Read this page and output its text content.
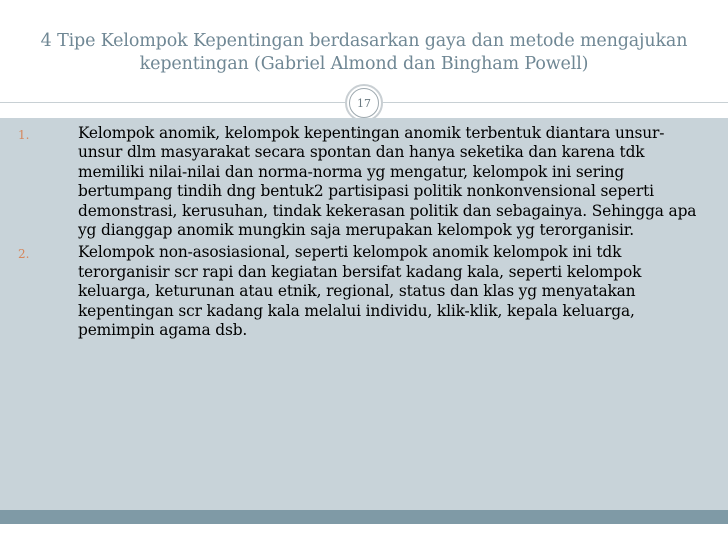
4 Tipe Kelompok Kepentingan berdasarkan gaya dan metode mengajukan kepentingan (Gabriel Almond dan Bingham Powell)
17
1.	Kelompok anomik, kelompok kepentingan anomik terbentuk diantara unsur-unsur dlm masyarakat secara spontan dan hanya seketika dan karena tdk memiliki nilai-nilai dan norma-norma yg mengatur, kelompok ini sering bertumpang tindih dng bentuk2 partisipasi politik nonkonvensional seperti demonstrasi, kerusuhan, tindak kekerasan politik dan sebagainya. Sehingga apa yg dianggap anomik mungkin saja merupakan kelompok yg terorganisir.
2.	Kelompok non-asosiasional, seperti kelompok anomik kelompok ini tdk terorganisir scr rapi dan kegiatan bersifat kadang kala, seperti kelompok keluarga, keturunan atau etnik, regional, status dan klas yg menyatakan kepentingan scr kadang kala melalui individu, klik-klik, kepala keluarga, pemimpin agama dsb.
